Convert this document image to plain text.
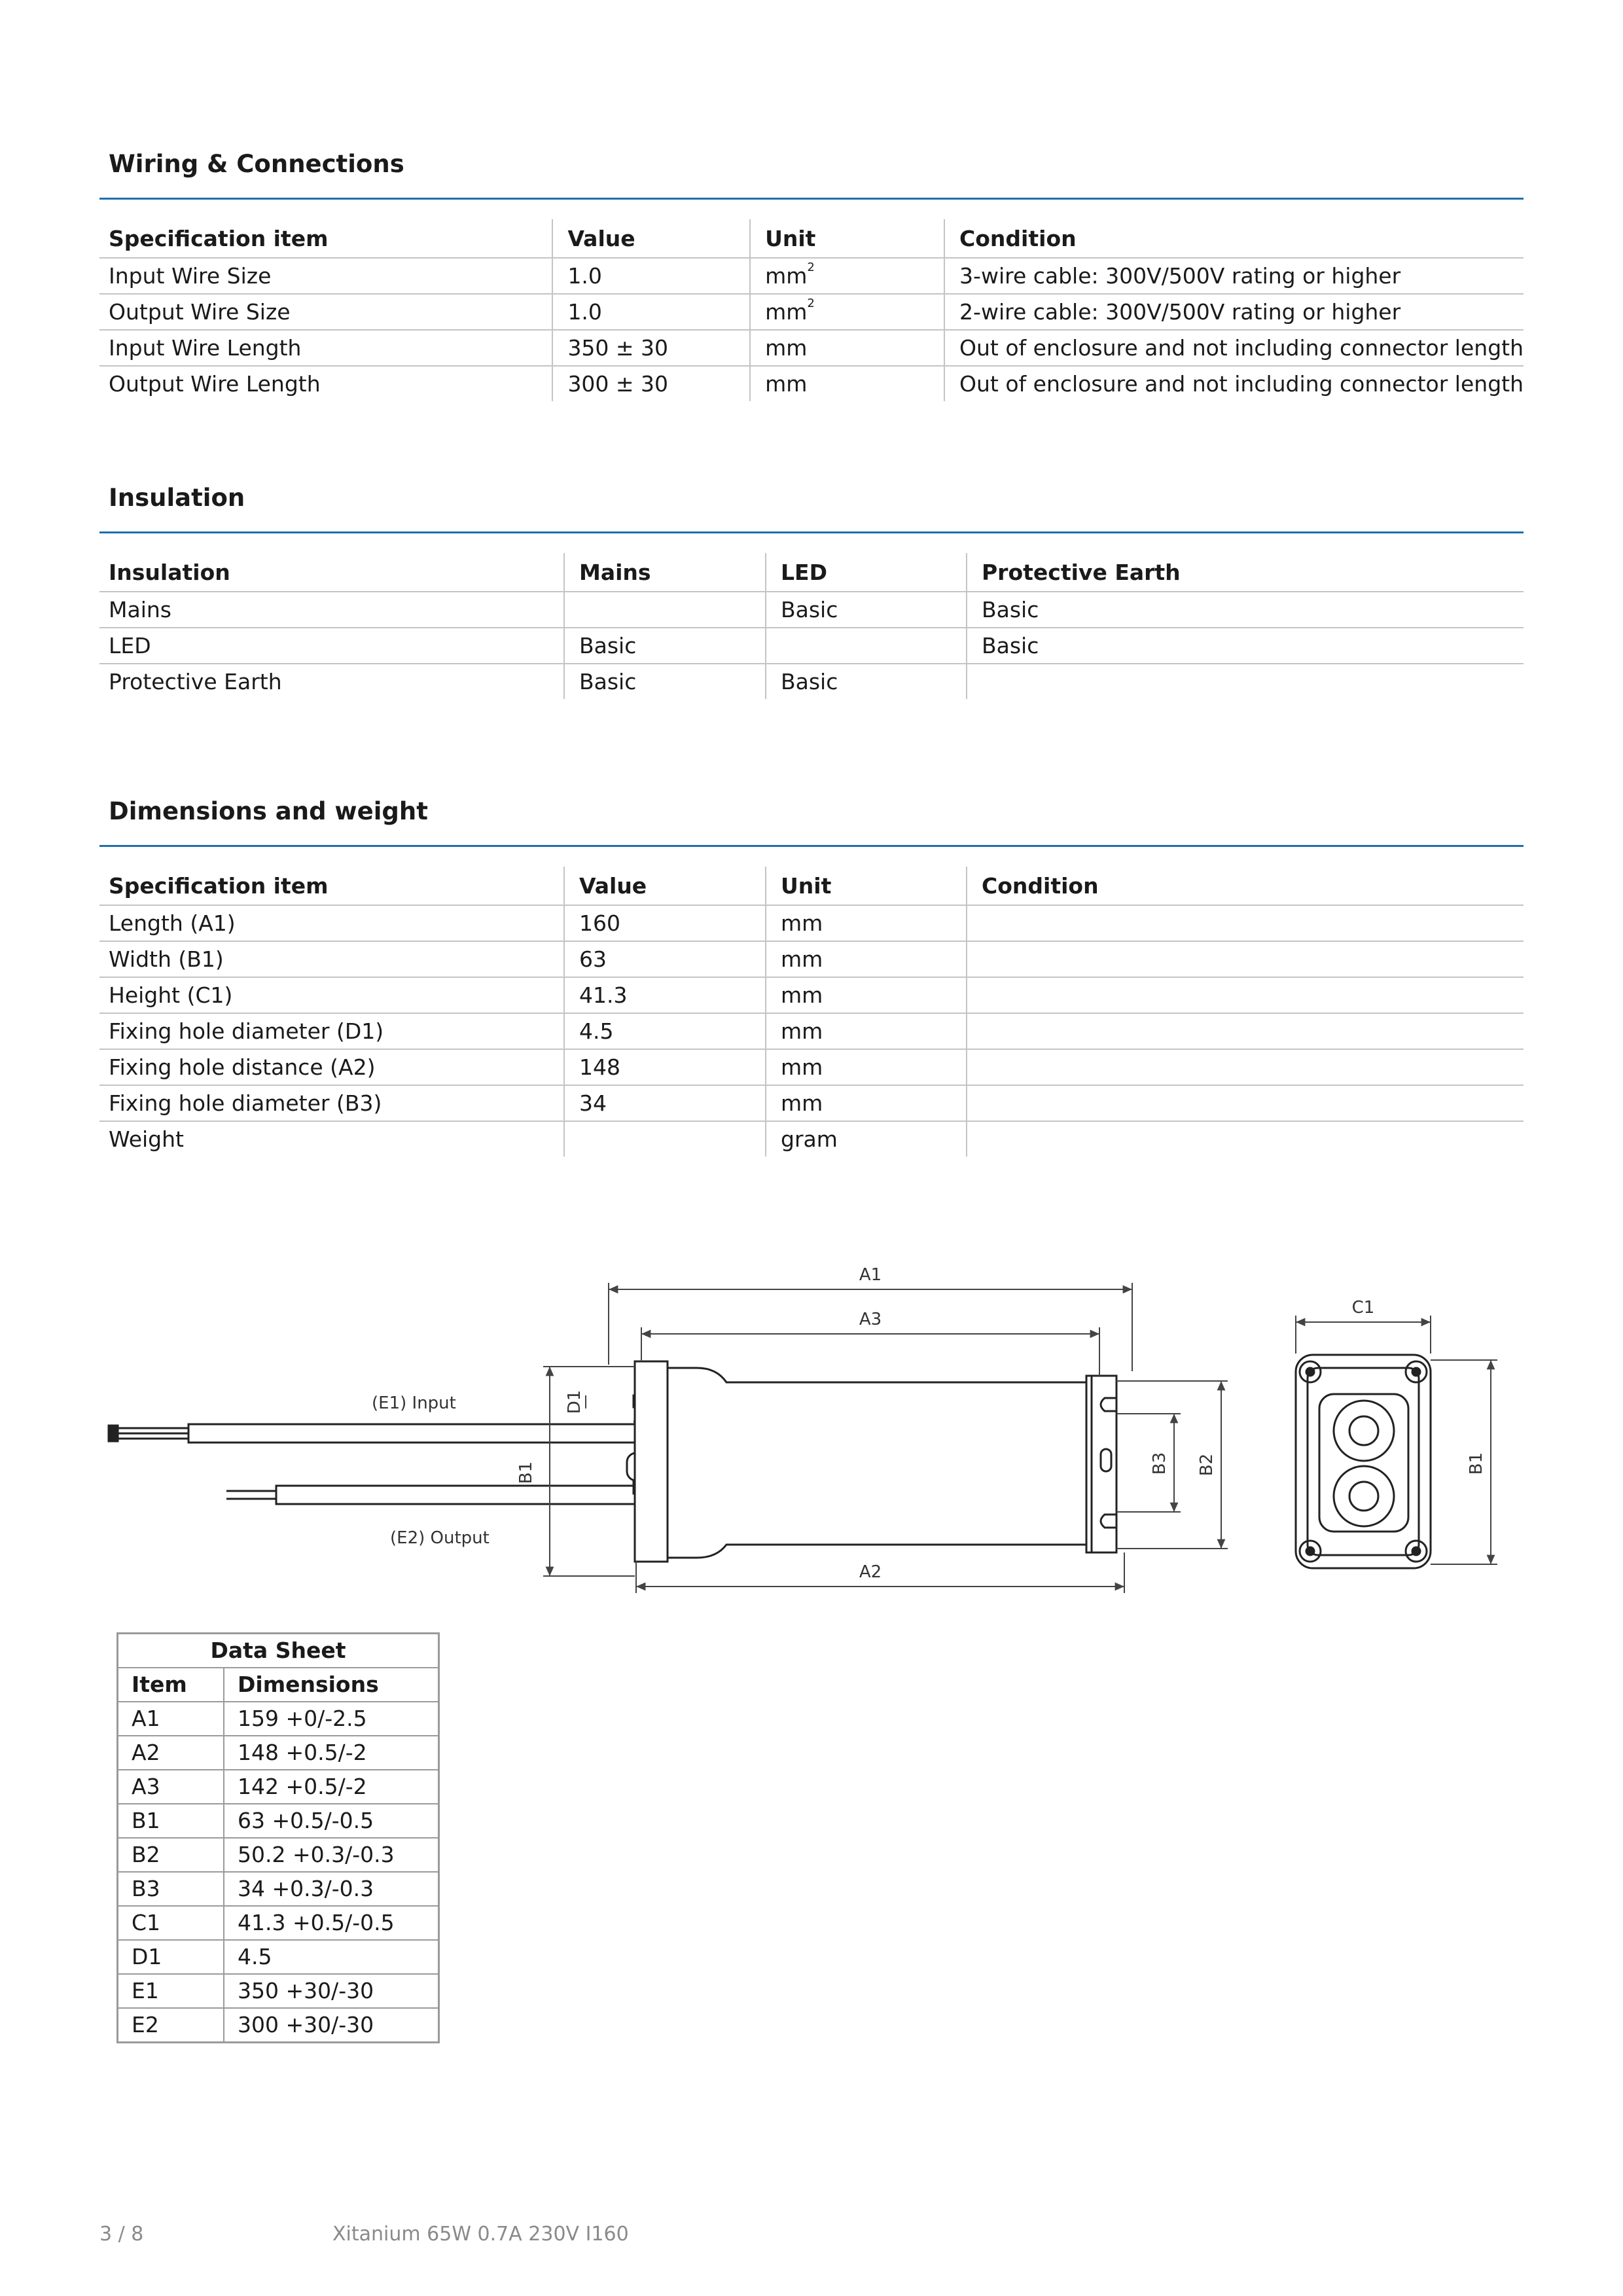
Wiring & Connections
Specification item	Value	Unit	Condition
Input Wire Size	1.0	$mm^2$	3-wire cable: 300V/500V rating or higher
Output Wire Size	1.0	$mm^2$	2-wire cable: 300V/500V rating or higher
Input Wire Length	350 ± 30	mm	Out of enclosure and not including connector length
Output Wire Length	300 ± 30	mm	Out of enclosure and not including connector length
Insulation
Insulation	Mains	LED	Protective Earth
Mains		Basic	Basic
LED	Basic		Basic
Protective Earth	Basic	Basic	
Dimensions and weight
Specification item	Value	Unit	Condition
Length (A1)	160	mm	
Width (B1)	63	mm	
Height (C1)	41.3	mm	
Fixing hole diameter (D1)	4.5	mm	
Fixing hole distance (A2)	148	mm	
Fixing hole diameter (B3)	34	mm	
Weight		gram	
A1
A3
A2
B1
D1
B3 B2
C1
B1
(E1) Input
(E2) Output
Data Sheet	
Item	Dimensions
A1	159 +0/-2.5
A2	148 +0.5/-2
A3	142 +0.5/-2
B1	63 +0.5/-0.5
B2	50.2 +0.3/-0.3
B3	34 +0.3/-0.3
C1	41.3 +0.5/-0.5
D1	4.5
E1	350 +30/-30
E2	300 +30/-30
3 / 8	Xitanium 65W 0.7A 230V I160
